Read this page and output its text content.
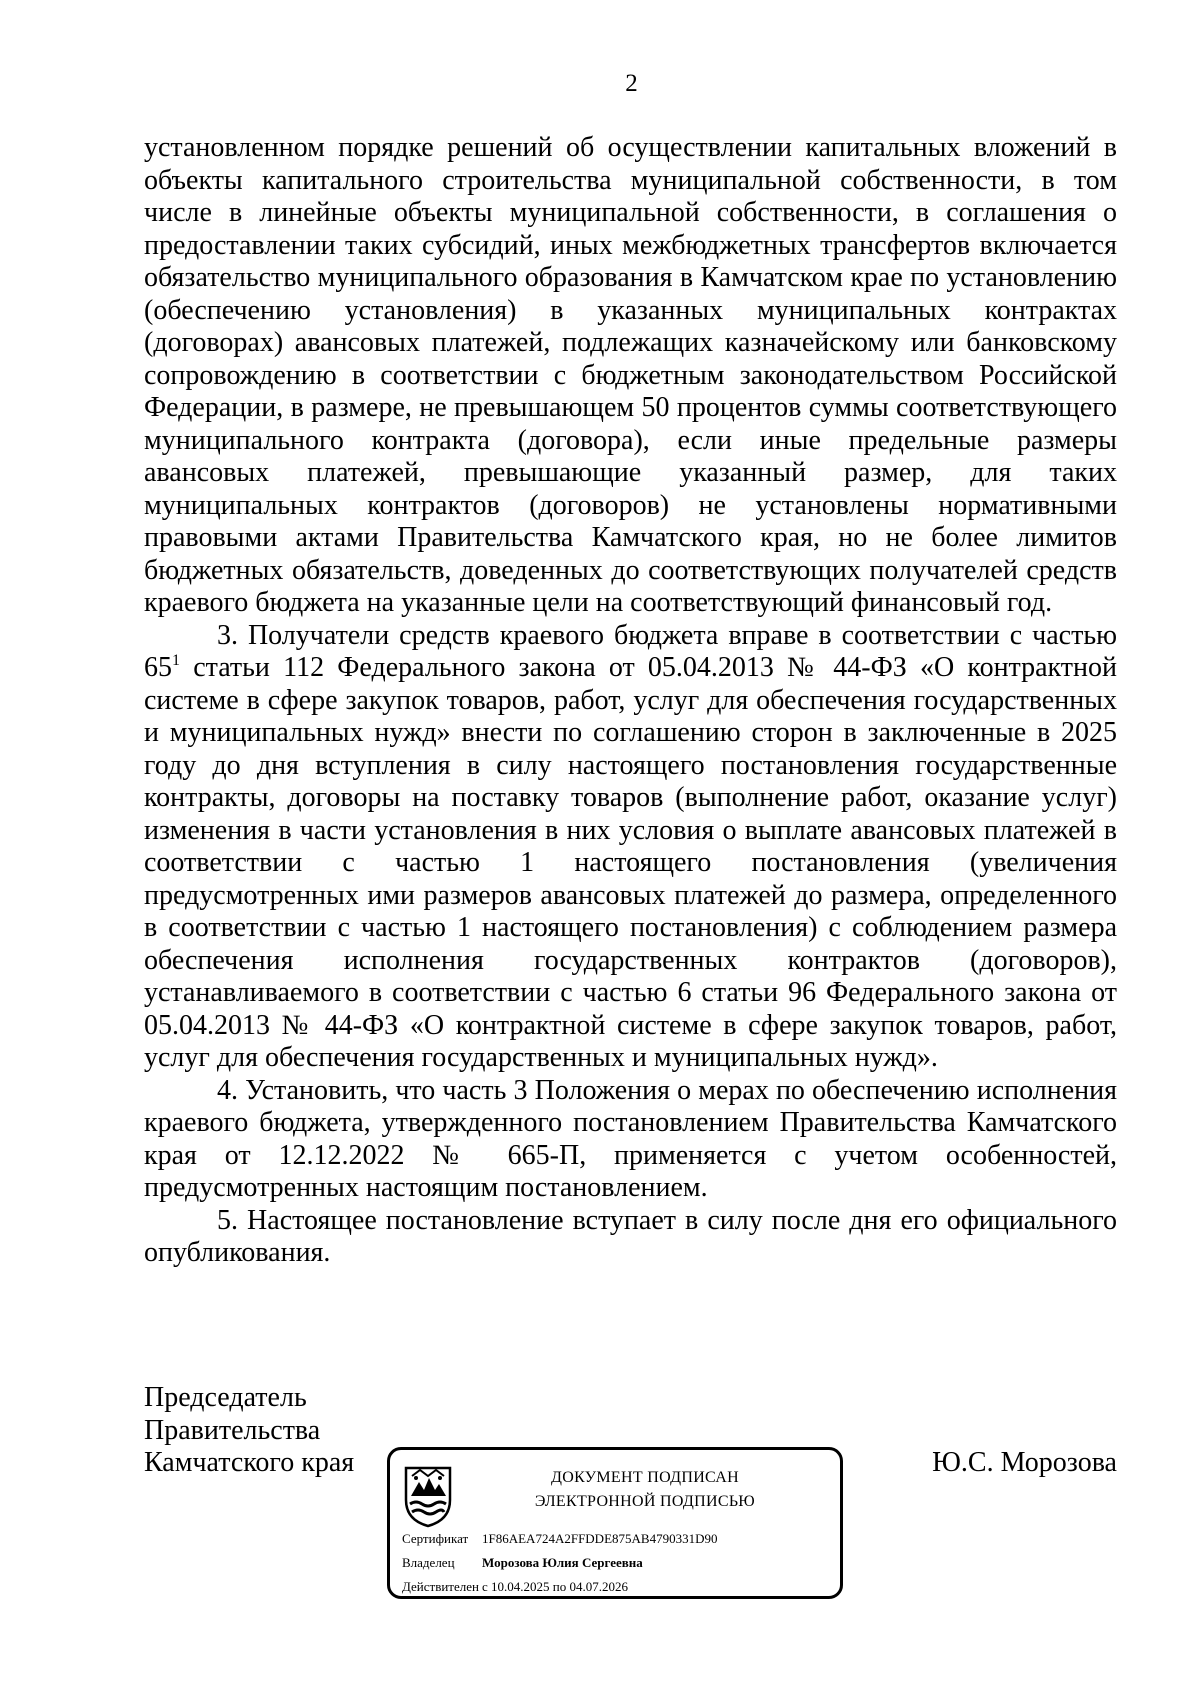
2

установленном порядке решений об осуществлении капитальных вложений в объекты капитального строительства муниципальной собственности, в том числе в линейные объекты муниципальной собственности, в соглашения о предоставлении таких субсидий, иных межбюджетных трансфертов включается обязательство муниципального образования в Камчатском крае по установлению (обеспечению установления) в указанных муниципальных контрактах (договорах) авансовых платежей, подлежащих казначейскому или банковскому сопровождению в соответствии с бюджетным законодательством Российской Федерации, в размере, не превышающем 50 процентов суммы соответствующего муниципального контракта (договора), если иные предельные размеры авансовых платежей, превышающие указанный размер, для таких муниципальных контрактов (договоров) не установлены нормативными правовыми актами Правительства Камчатского края, но не более лимитов бюджетных обязательств, доведенных до соответствующих получателей средств краевого бюджета на указанные цели на соответствующий финансовый год.

3. Получатели средств краевого бюджета вправе в соответствии с частью $65^1$ статьи 112 Федерального закона от 05.04.2013 № 44-ФЗ «О контрактной системе в сфере закупок товаров, работ, услуг для обеспечения государственных и муниципальных нужд» внести по соглашению сторон в заключенные в 2025 году до дня вступления в силу настоящего постановления государственные контракты, договоры на поставку товаров (выполнение работ, оказание услуг) изменения в части установления в них условия о выплате авансовых платежей в соответствии с частью 1 настоящего постановления (увеличения предусмотренных ими размеров авансовых платежей до размера, определенного в соответствии с частью 1 настоящего постановления) с соблюдением размера обеспечения исполнения государственных контрактов (договоров), устанавливаемого в соответствии с частью 6 статьи 96 Федерального закона от 05.04.2013 № 44-ФЗ «О контрактной системе в сфере закупок товаров, работ, услуг для обеспечения государственных и муниципальных нужд».

4. Установить, что часть 3 Положения о мерах по обеспечению исполнения краевого бюджета, утвержденного постановлением Правительства Камчатского края от 12.12.2022 № 665-П, применяется с учетом особенностей, предусмотренных настоящим постановлением.

5. Настоящее постановление вступает в силу после дня его официального опубликования.

Председатель
Правительства
Камчатского края	Ю.С. Морозова
ДОКУМЕНТ ПОДПИСАН
ЭЛЕКТРОННОЙ ПОДПИСЬЮ
Сертификат 1F86AEA724A2FFDDE875AB4790331D90
Владелец Морозова Юлия Сергеевна
Действителен с 10.04.2025 по 04.07.2026
